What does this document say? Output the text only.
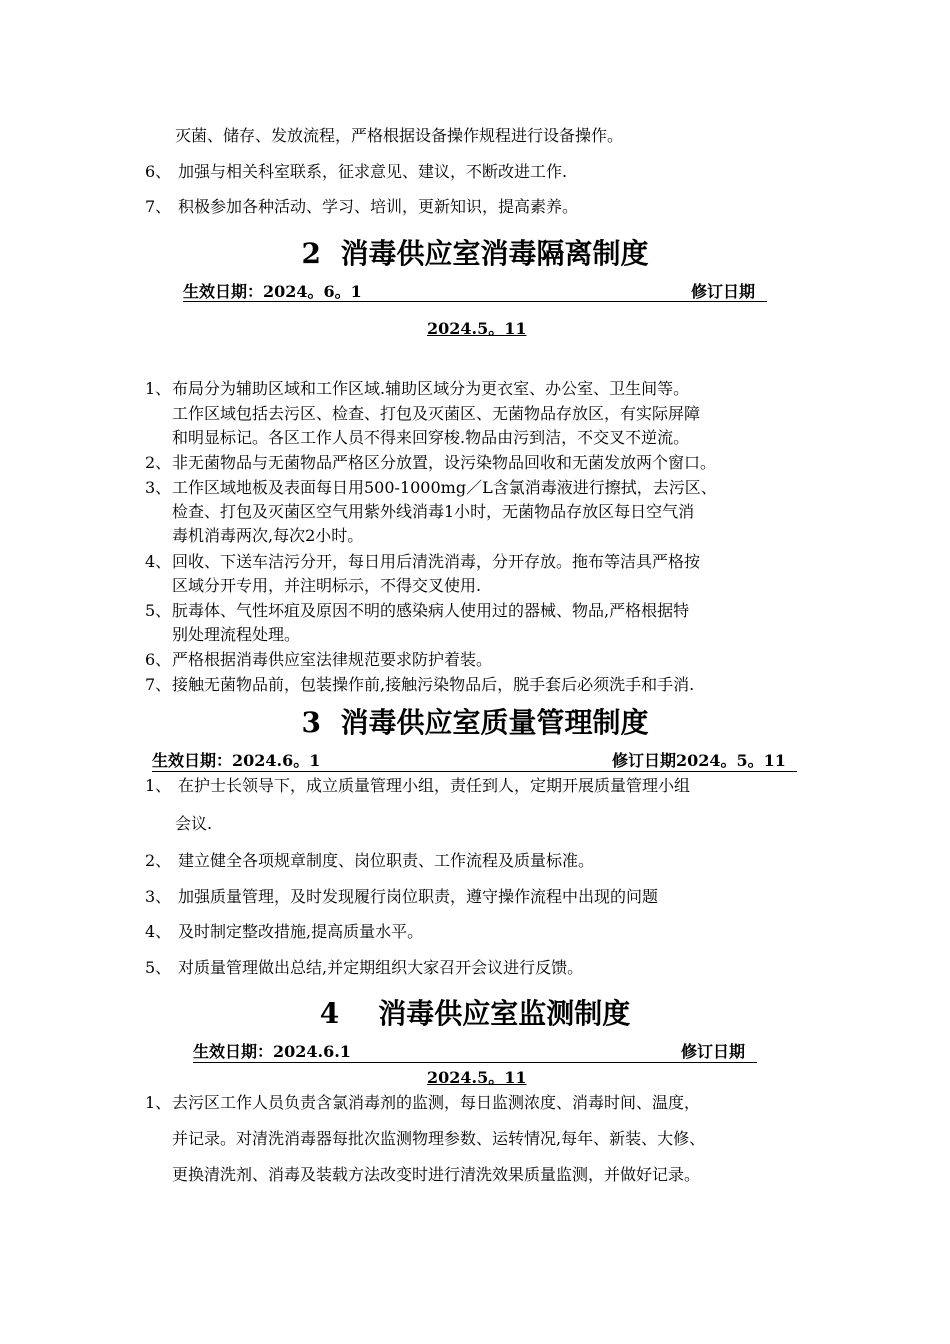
灭菌、储存、发放流程，严格根据设备操作规程进行设备操作。
6、 加强与相关科室联系，征求意见、建议，不断改进工作.
7、 积极参加各种活动、学习、培训，更新知识，提高素养。
2  消毒供应室消毒隔离制度
生效日期：2024。6。1	修订日期
2024.5。11
1、 布局分为辅助区域和工作区域.辅助区域分为更衣室、办公室、卫生间等。
工作区域包括去污区、检查、打包及灭菌区、无菌物品存放区，有实际屏障
和明显标记。各区工作人员不得来回穿梭.物品由污到洁，不交叉不逆流。
2、 非无菌物品与无菌物品严格区分放置，设污染物品回收和无菌发放两个窗口。
3、 工作区域地板及表面每日用500-1000mg／L含氯消毒液进行擦拭，去污区、
检查、打包及灭菌区空气用紫外线消毒1小时，无菌物品存放区每日空气消
毒机消毒两次,每次2小时。
4、 回收、下送车洁污分开，每日用后清洗消毒，分开存放。拖布等洁具严格按
区域分开专用，并注明标示，不得交叉使用.
5、 朊毒体、气性坏疽及原因不明的感染病人使用过的器械、物品,严格根据特
别处理流程处理。
6、 严格根据消毒供应室法律规范要求防护着装。
7、 接触无菌物品前，包装操作前,接触污染物品后，脱手套后必须洗手和手消.
3  消毒供应室质量管理制度
生效日期：2024.6。1	修订日期2024。5。11
1、 在护士长领导下，成立质量管理小组，责任到人，定期开展质量管理小组
会议.
2、 建立健全各项规章制度、岗位职责、工作流程及质量标准。
3、 加强质量管理，及时发现履行岗位职责，遵守操作流程中出现的问题
4、 及时制定整改措施,提高质量水平。
5、 对质量管理做出总结,并定期组织大家召开会议进行反馈。
4    消毒供应室监测制度
生效日期：2024.6.1	修订日期
2024.5。11
1、 去污区工作人员负责含氯消毒剂的监测，每日监测浓度、消毒时间、温度，
并记录。对清洗消毒器每批次监测物理参数、运转情况,每年、新装、大修、
更换清洗剂、消毒及装载方法改变时进行清洗效果质量监测，并做好记录。
